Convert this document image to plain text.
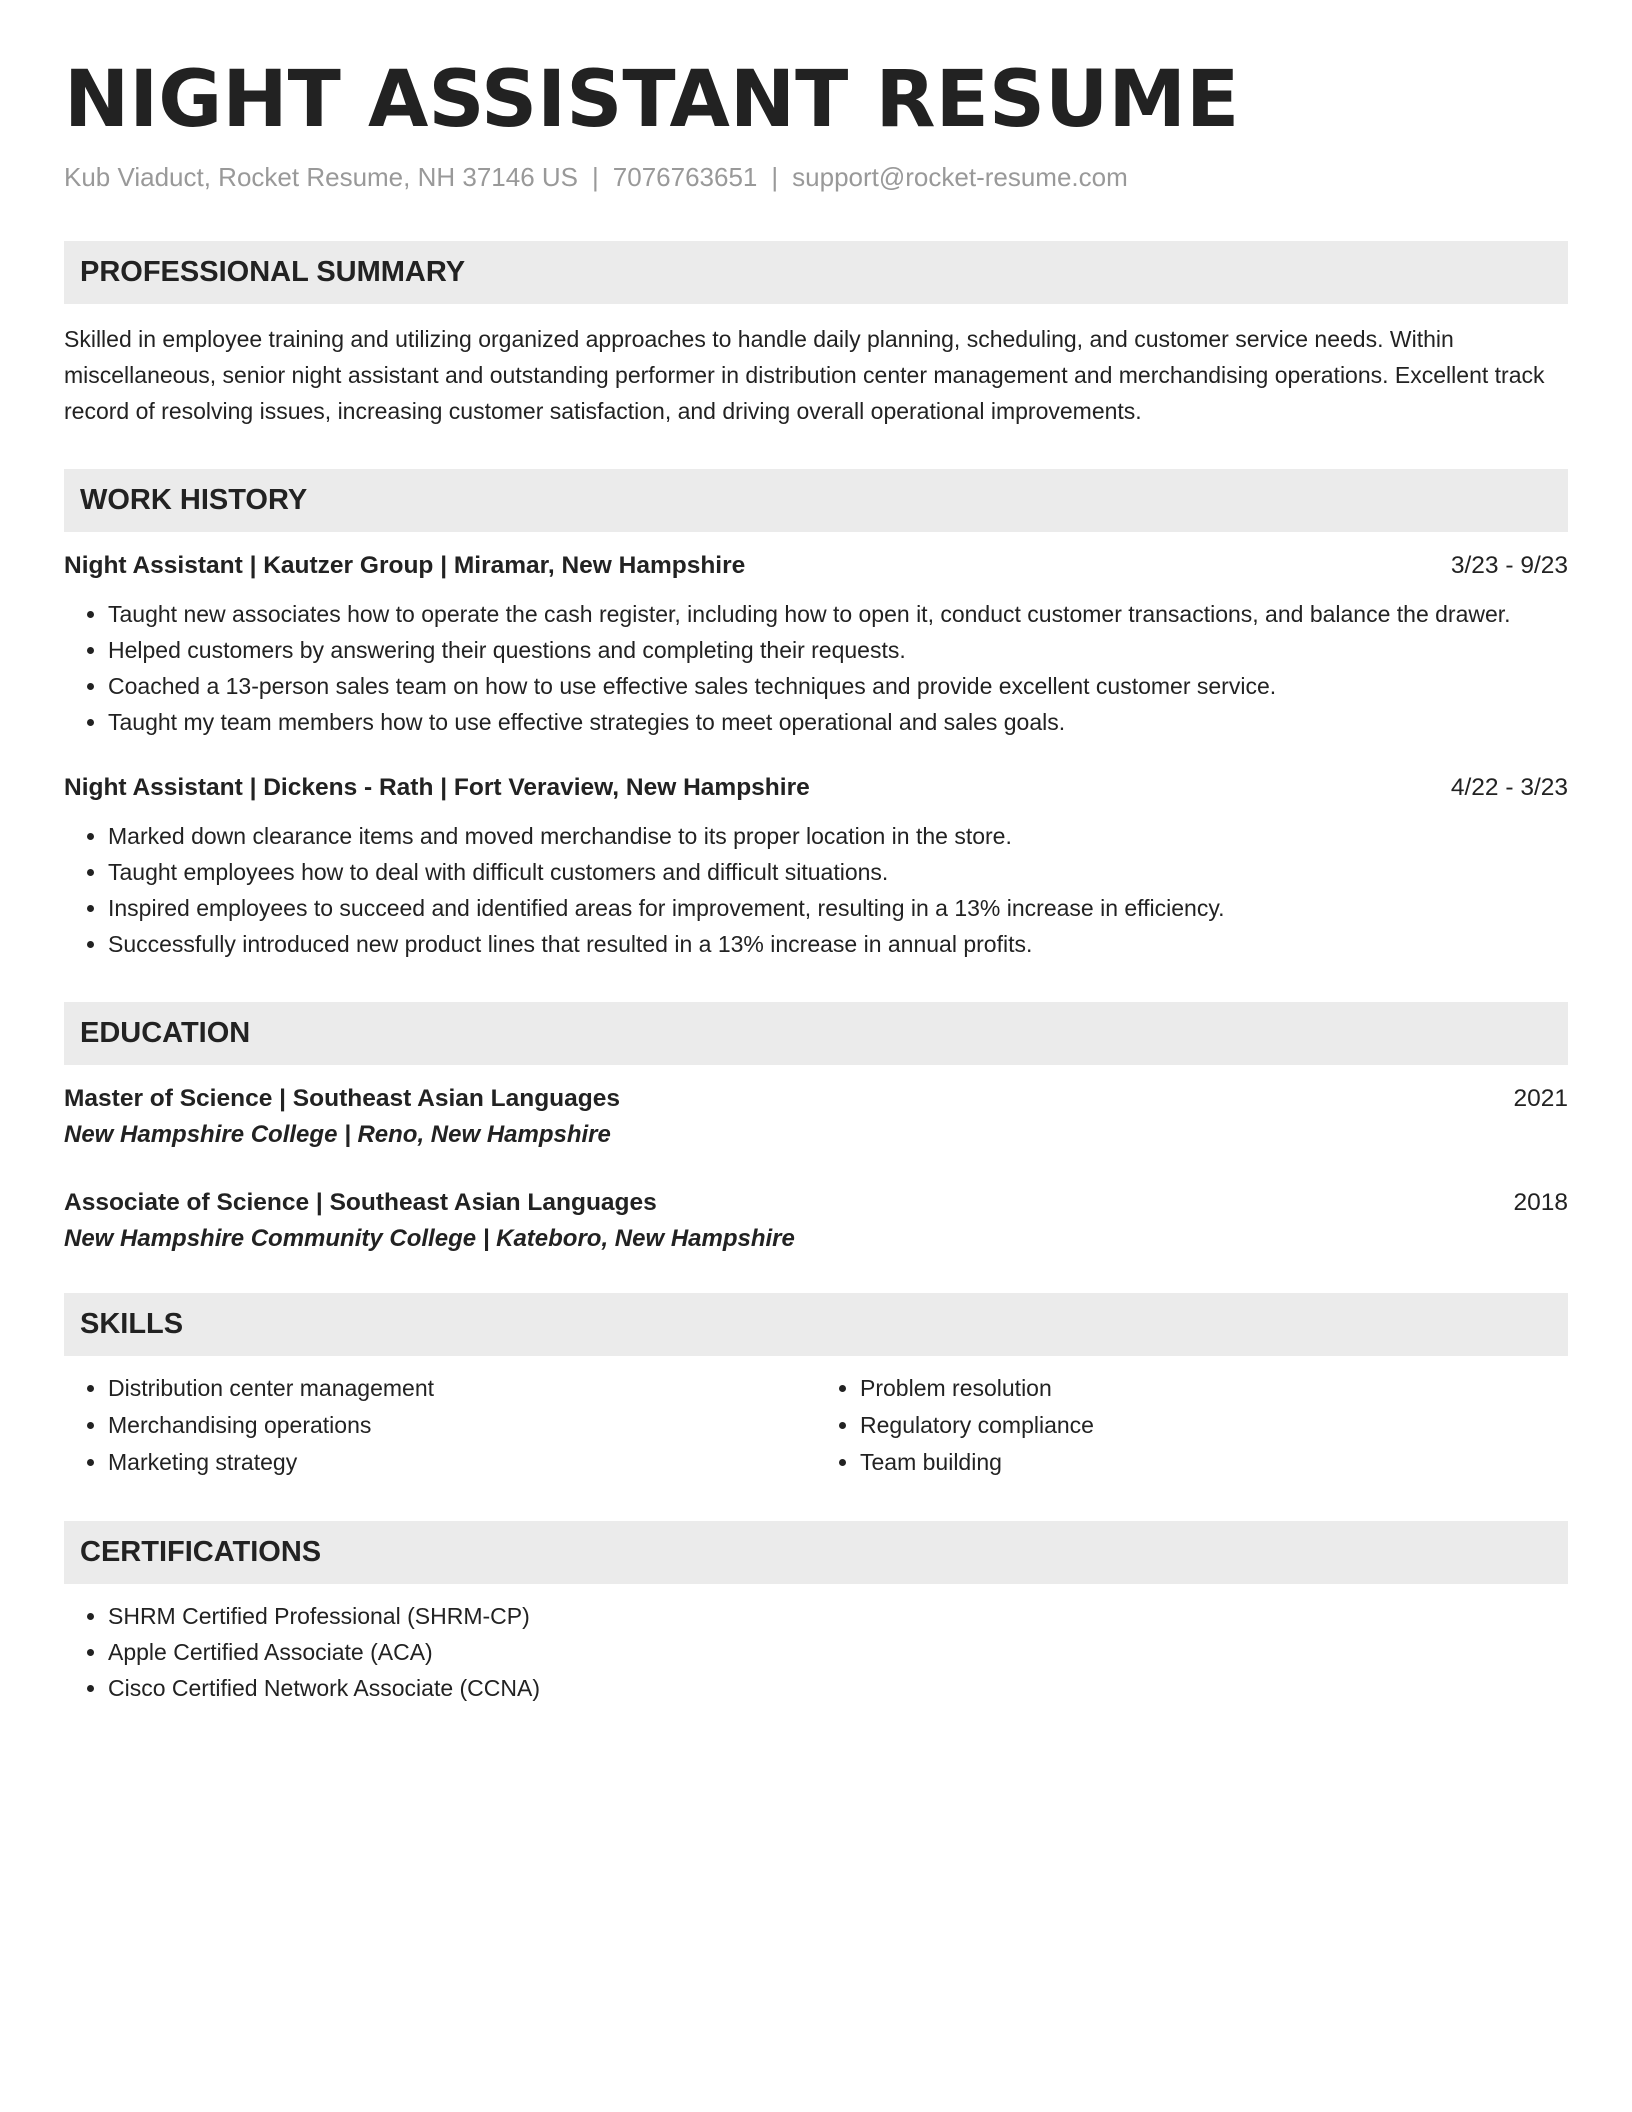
NIGHT ASSISTANT RESUME
Kub Viaduct, Rocket Resume, NH 37146 US | 7076763651 | support@rocket-resume.com
PROFESSIONAL SUMMARY
Skilled in employee training and utilizing organized approaches to handle daily planning, scheduling, and customer service needs. Within miscellaneous, senior night assistant and outstanding performer in distribution center management and merchandising operations. Excellent track record of resolving issues, increasing customer satisfaction, and driving overall operational improvements.
WORK HISTORY
Night Assistant | Kautzer Group | Miramar, New Hampshire	3/23 - 9/23
• Taught new associates how to operate the cash register, including how to open it, conduct customer transactions, and balance the drawer.
• Helped customers by answering their questions and completing their requests.
• Coached a 13-person sales team on how to use effective sales techniques and provide excellent customer service.
• Taught my team members how to use effective strategies to meet operational and sales goals.
Night Assistant | Dickens - Rath | Fort Veraview, New Hampshire	4/22 - 3/23
• Marked down clearance items and moved merchandise to its proper location in the store.
• Taught employees how to deal with difficult customers and difficult situations.
• Inspired employees to succeed and identified areas for improvement, resulting in a 13% increase in efficiency.
• Successfully introduced new product lines that resulted in a 13% increase in annual profits.
EDUCATION
Master of Science | Southeast Asian Languages	2021
New Hampshire College | Reno, New Hampshire
Associate of Science | Southeast Asian Languages	2018
New Hampshire Community College | Kateboro, New Hampshire
SKILLS
• Distribution center management
• Merchandising operations
• Marketing strategy
• Problem resolution
• Regulatory compliance
• Team building
CERTIFICATIONS
• SHRM Certified Professional (SHRM-CP)
• Apple Certified Associate (ACA)
• Cisco Certified Network Associate (CCNA)
